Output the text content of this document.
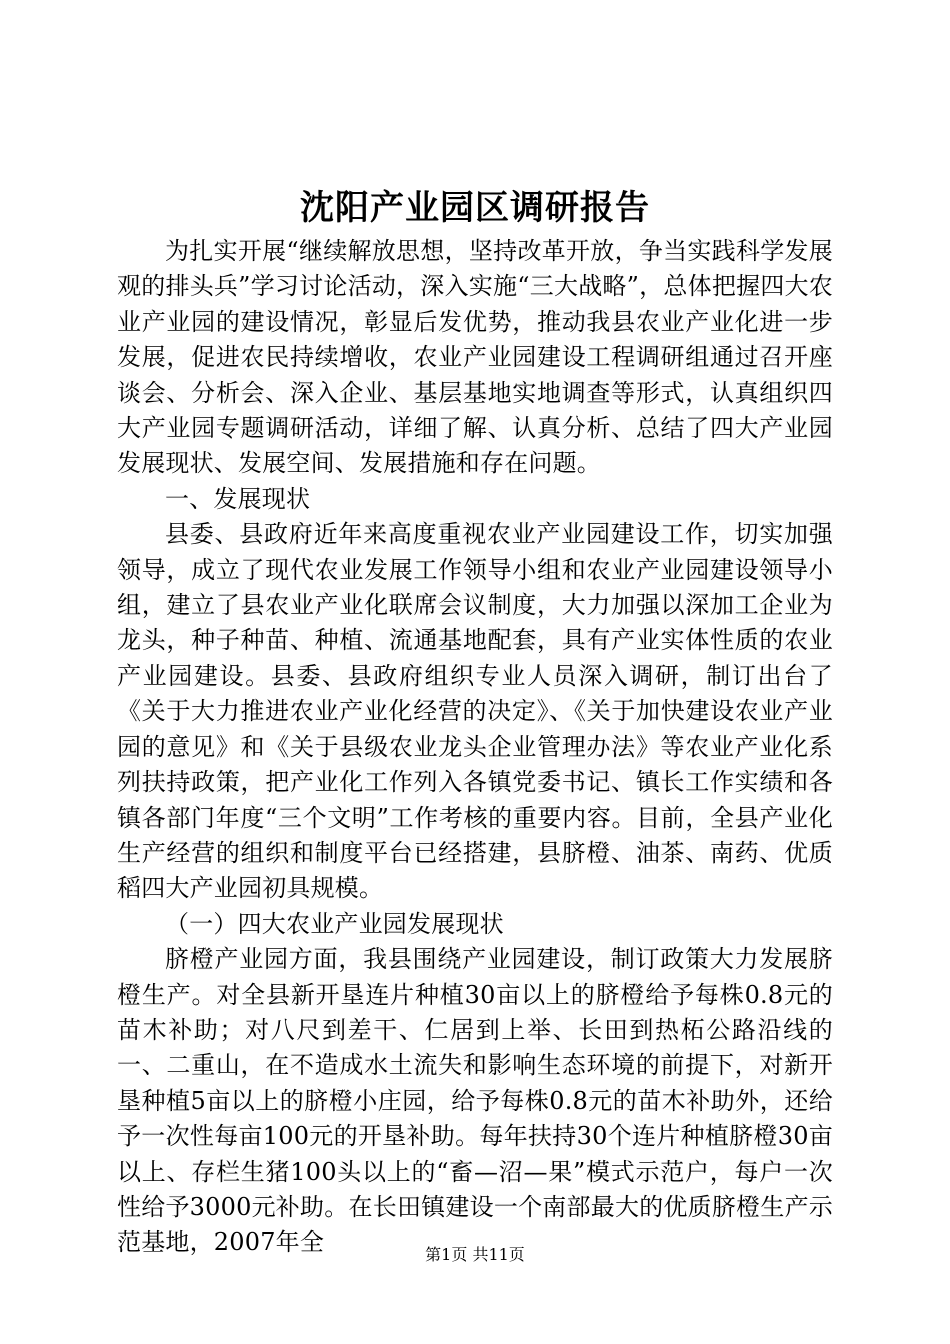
沈阳产业园区调研报告

为扎实开展“继续解放思想，坚持改革开放，争当实践科学发展观的排头兵”学习讨论活动，深入实施“三大战略”，总体把握四大农业产业园的建设情况，彰显后发优势，推动我县农业产业化进一步发展，促进农民持续增收，农业产业园建设工程调研组通过召开座谈会、分析会、深入企业、基层基地实地调查等形式，认真组织四大产业园专题调研活动，详细了解、认真分析、总结了四大产业园发展现状、发展空间、发展措施和存在问题。

一、发展现状

县委、县政府近年来高度重视农业产业园建设工作，切实加强领导，成立了现代农业发展工作领导小组和农业产业园建设领导小组，建立了县农业产业化联席会议制度，大力加强以深加工企业为龙头，种子种苗、种植、流通基地配套，具有产业实体性质的农业产业园建设。县委、县政府组织专业人员深入调研，制订出台了《关于大力推进农业产业化经营的决定》、《关于加快建设农业产业园的意见》和《关于县级农业龙头企业管理办法》等农业产业化系列扶持政策，把产业化工作列入各镇党委书记、镇长工作实绩和各镇各部门年度“三个文明”工作考核的重要内容。目前，全县产业化生产经营的组织和制度平台已经搭建，县脐橙、油茶、南药、优质稻四大产业园初具规模。

（一）四大农业产业园发展现状

脐橙产业园方面，我县围绕产业园建设，制订政策大力发展脐橙生产。对全县新开垦连片种植30亩以上的脐橙给予每株0.8元的苗木补助；对八尺到差干、仁居到上举、长田到热柘公路沿线的一、二重山，在不造成水土流失和影响生态环境的前提下，对新开垦种植5亩以上的脐橙小庄园，给予每株0.8元的苗木补助外，还给予一次性每亩100元的开垦补助。每年扶持30个连片种植脐橙30亩以上、存栏生猪100头以上的“畜—沼—果”模式示范户，每户一次性给予3000元补助。在长田镇建设一个南部最大的优质脐橙生产示范基地，2007年全	第1页 共11页
